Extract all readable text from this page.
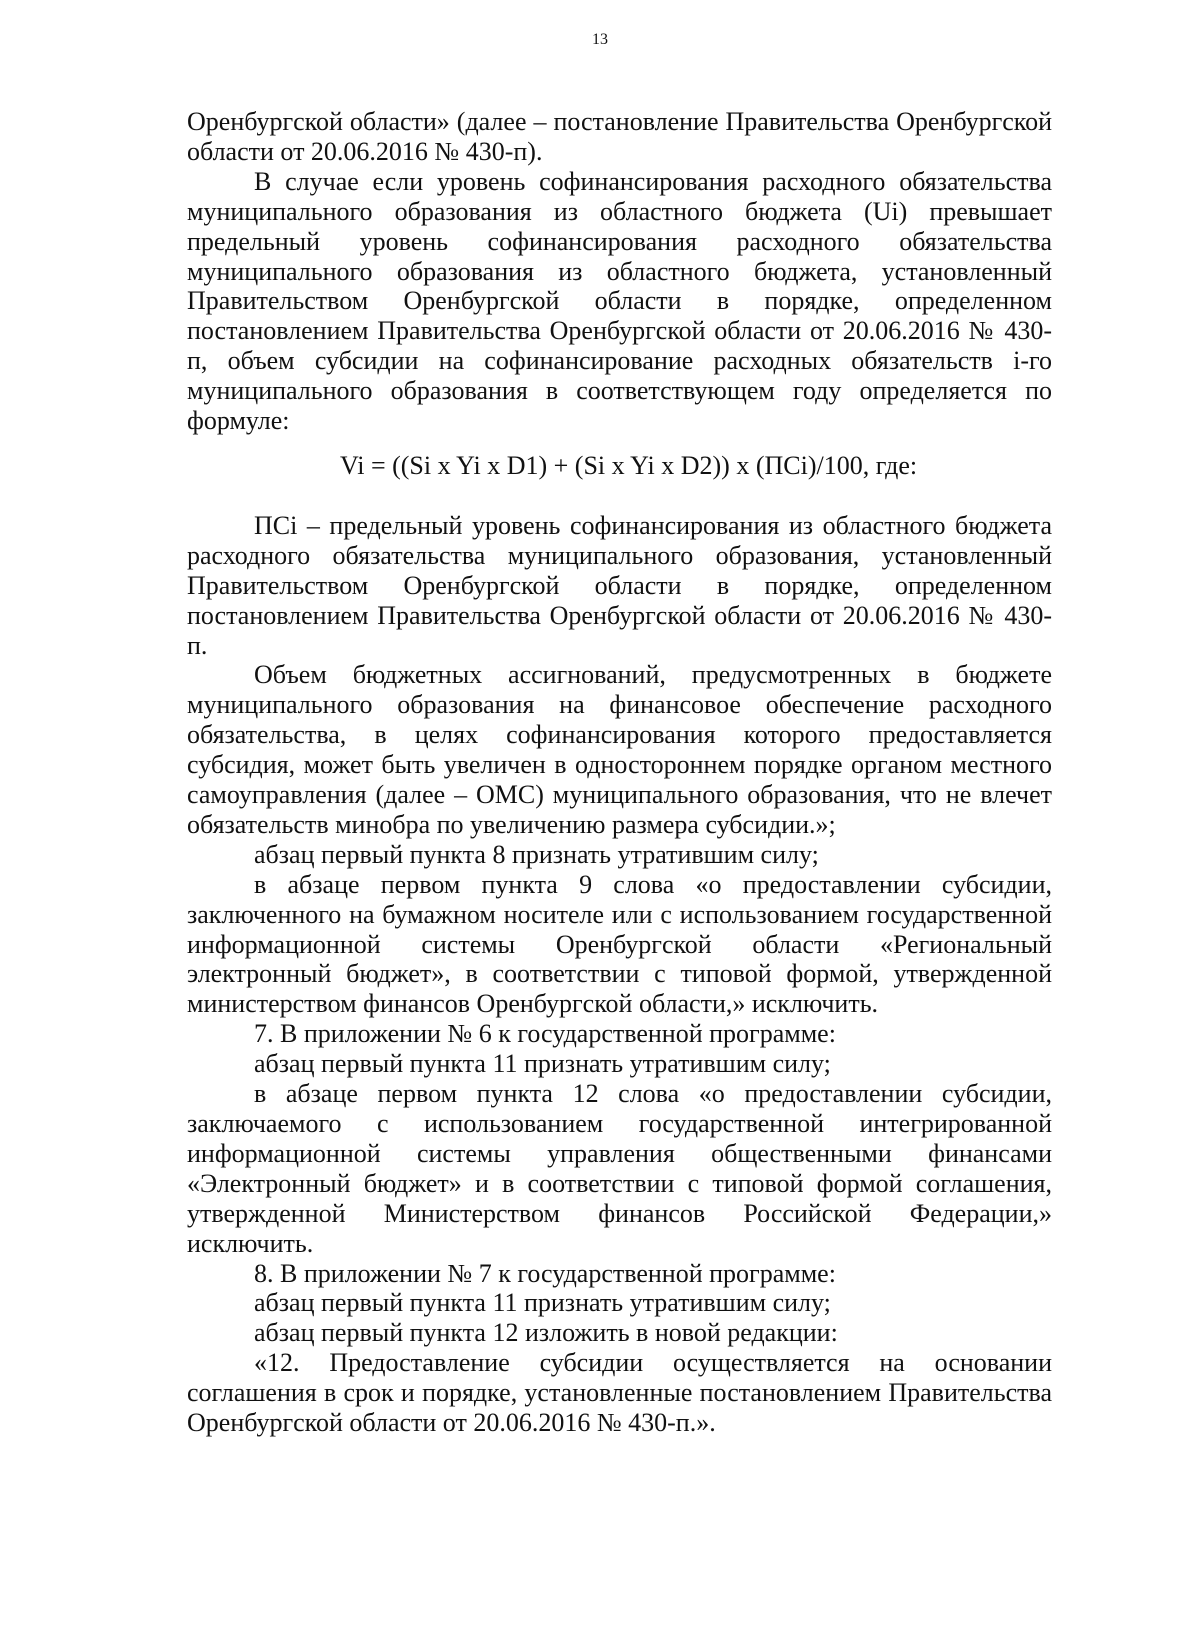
13

Оренбургской области» (далее – постановление Правительства Оренбургской области от 20.06.2016 № 430-п).

В случае если уровень софинансирования расходного обязательства муниципального образования из областного бюджета (Ui) превышает предельный уровень софинансирования расходного обязательства муниципального образования из областного бюджета, установленный Правительством Оренбургской области в порядке, определенном постановлением Правительства Оренбургской области от 20.06.2016 № 430-п, объем субсидии на софинансирование расходных обязательств i-го муниципального образования в соответствующем году определяется по формуле:

Vi = ((Si x Yi x D1) + (Si x Yi x D2)) x (ПСi)/100, где:

ПСi – предельный уровень софинансирования из областного бюджета расходного обязательства муниципального образования, установленный Правительством Оренбургской области в порядке, определенном постановлением Правительства Оренбургской области от 20.06.2016 № 430-п.

Объем бюджетных ассигнований, предусмотренных в бюджете муниципального образования на финансовое обеспечение расходного обязательства, в целях софинансирования которого предоставляется субсидия, может быть увеличен в одностороннем порядке органом местного самоуправления (далее – ОМС) муниципального образования, что не влечет обязательств минобра по увеличению размера субсидии.»;

абзац первый пункта 8 признать утратившим силу;

в абзаце первом пункта 9 слова «о предоставлении субсидии, заключенного на бумажном носителе или с использованием государственной информационной системы Оренбургской области «Региональный электронный бюджет», в соответствии с типовой формой, утвержденной министерством финансов Оренбургской области,» исключить.

7. В приложении № 6 к государственной программе:

абзац первый пункта 11 признать утратившим силу;

в абзаце первом пункта 12 слова «о предоставлении субсидии, заключаемого с использованием государственной интегрированной информационной системы управления общественными финансами «Электронный бюджет» и в соответствии с типовой формой соглашения, утвержденной Министерством финансов Российской Федерации,» исключить.

8. В приложении № 7 к государственной программе:

абзац первый пункта 11 признать утратившим силу;

абзац первый пункта 12 изложить в новой редакции:

«12. Предоставление субсидии осуществляется на основании соглашения в срок и порядке, установленные постановлением Правительства Оренбургской области от 20.06.2016 № 430-п.».
